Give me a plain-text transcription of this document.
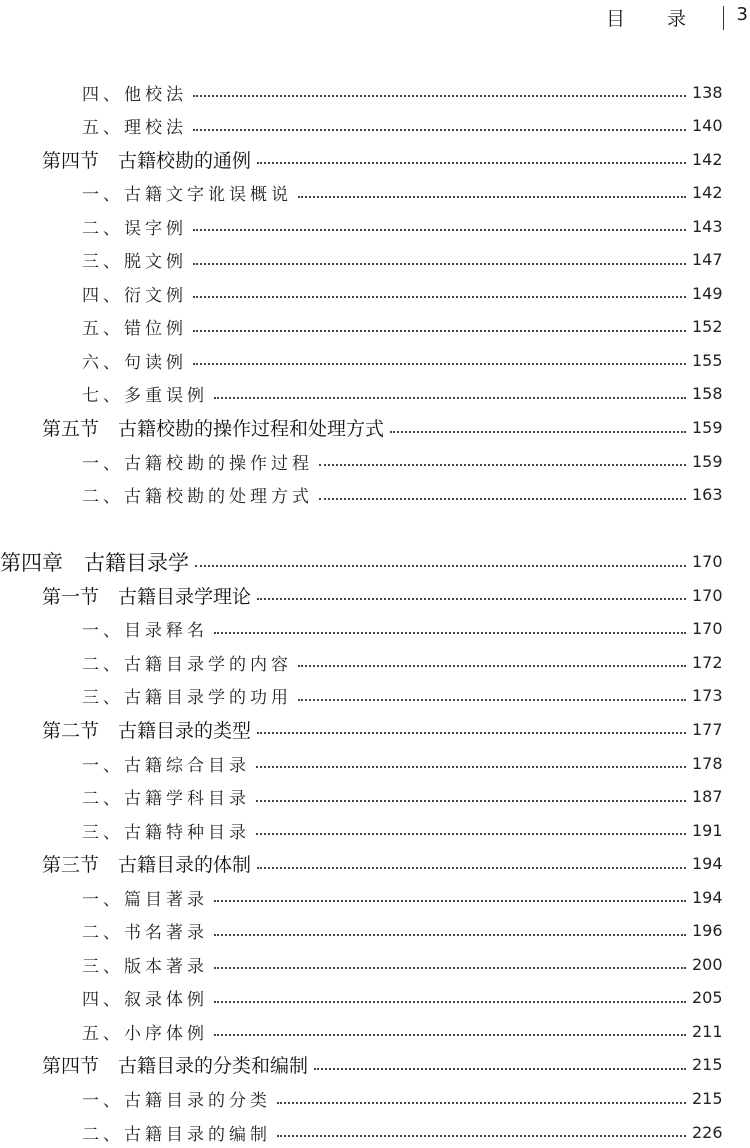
目 录 3
四、他校法	138
五、理校法	140
第四节　古籍校勘的通例	142
一、古籍文字讹误概说	142
二、误字例	143
三、脱文例	147
四、衍文例	149
五、错位例	152
六、句读例	155
七、多重误例	158
第五节　古籍校勘的操作过程和处理方式	159
一、古籍校勘的操作过程	159
二、古籍校勘的处理方式	163
第四章　古籍目录学	170
第一节　古籍目录学理论	170
一、目录释名	170
二、古籍目录学的内容	172
三、古籍目录学的功用	173
第二节　古籍目录的类型	177
一、古籍综合目录	178
二、古籍学科目录	187
三、古籍特种目录	191
第三节　古籍目录的体制	194
一、篇目著录	194
二、书名著录	196
三、版本著录	200
四、叙录体例	205
五、小序体例	211
第四节　古籍目录的分类和编制	215
一、古籍目录的分类	215
二、古籍目录的编制	226
